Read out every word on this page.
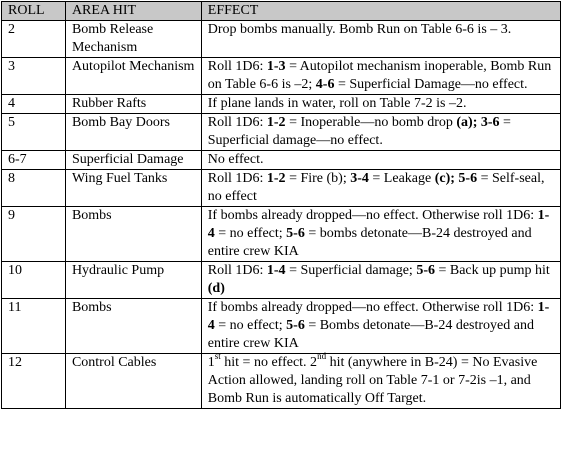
ROLL	AREA HIT	EFFECT
2	Bomb Release Mechanism	Drop bombs manually. Bomb Run on Table 6-6 is – 3.
3	Autopilot Mechanism	Roll 1D6: 1-3 = Autopilot mechanism inoperable, Bomb Run on Table 6-6 is –2; 4-6 = Superficial Damage—no effect.
4	Rubber Rafts	If plane lands in water, roll on Table 7-2 is –2.
5	Bomb Bay Doors	Roll 1D6: 1-2 = Inoperable—no bomb drop (a); 3-6 = Superficial damage—no effect.
6-7	Superficial Damage	No effect.
8	Wing Fuel Tanks	Roll 1D6: 1-2 = Fire (b); 3-4 = Leakage (c); 5-6 = Self-seal, no effect
9	Bombs	If bombs already dropped—no effect. Otherwise roll 1D6: 1-4 = no effect; 5-6 = bombs detonate—B-24 destroyed and entire crew KIA
10	Hydraulic Pump	Roll 1D6: 1-4 = Superficial damage; 5-6 = Back up pump hit (d)
11	Bombs	If bombs already dropped—no effect. Otherwise roll 1D6: 1-4 = no effect; 5-6 = Bombs detonate—B-24 destroyed and entire crew KIA
12	Control Cables	1st hit = no effect. 2nd hit (anywhere in B-24) = No Evasive Action allowed, landing roll on Table 7-1 or 7-2is –1, and Bomb Run is automatically Off Target.
